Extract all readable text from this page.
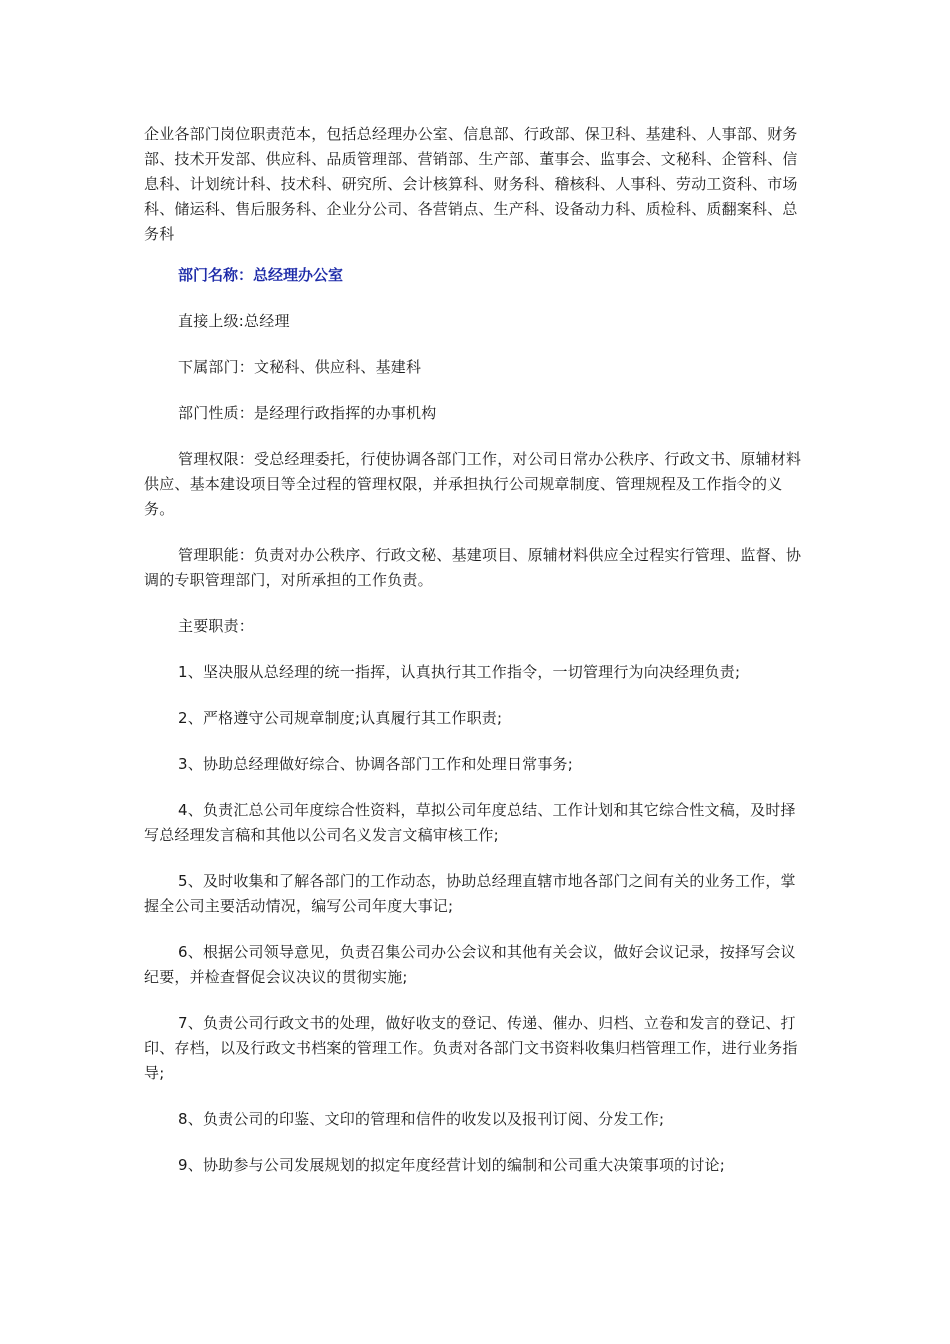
企业各部门岗位职责范本，包括总经理办公室、信息部、行政部、保卫科、基建科、人事部、财务部、技术开发部、供应科、品质管理部、营销部、生产部、董事会、监事会、文秘科、企管科、信息科、计划统计科、技术科、研究所、会计核算科、财务科、稽核科、人事科、劳动工资科、市场科、储运科、售后服务科、企业分公司、各营销点、生产科、设备动力科、质检科、质翻案科、总务科

部门名称：总经理办公室

直接上级:总经理

下属部门：文秘科、供应科、基建科

部门性质：是经理行政指挥的办事机构

管理权限：受总经理委托，行使协调各部门工作，对公司日常办公秩序、行政文书、原辅材料供应、基本建设项目等全过程的管理权限，并承担执行公司规章制度、管理规程及工作指令的义务。

管理职能：负责对办公秩序、行政文秘、基建项目、原辅材料供应全过程实行管理、监督、协调的专职管理部门，对所承担的工作负责。

主要职责：

1、坚决服从总经理的统一指挥，认真执行其工作指令，一切管理行为向决经理负责;

2、严格遵守公司规章制度;认真履行其工作职责;

3、协助总经理做好综合、协调各部门工作和处理日常事务;

4、负责汇总公司年度综合性资料，草拟公司年度总结、工作计划和其它综合性文稿，及时择写总经理发言稿和其他以公司名义发言文稿审核工作;

5、及时收集和了解各部门的工作动态，协助总经理直辖市地各部门之间有关的业务工作，掌握全公司主要活动情况，编写公司年度大事记;

6、根据公司领导意见，负责召集公司办公会议和其他有关会议，做好会议记录，按择写会议纪要，并检查督促会议决议的贯彻实施;

7、负责公司行政文书的处理，做好收支的登记、传递、催办、归档、立卷和发言的登记、打印、存档，以及行政文书档案的管理工作。负责对各部门文书资料收集归档管理工作，进行业务指导;

8、负责公司的印鉴、文印的管理和信件的收发以及报刊订阅、分发工作;

9、协助参与公司发展规划的拟定年度经营计划的编制和公司重大决策事项的讨论;
